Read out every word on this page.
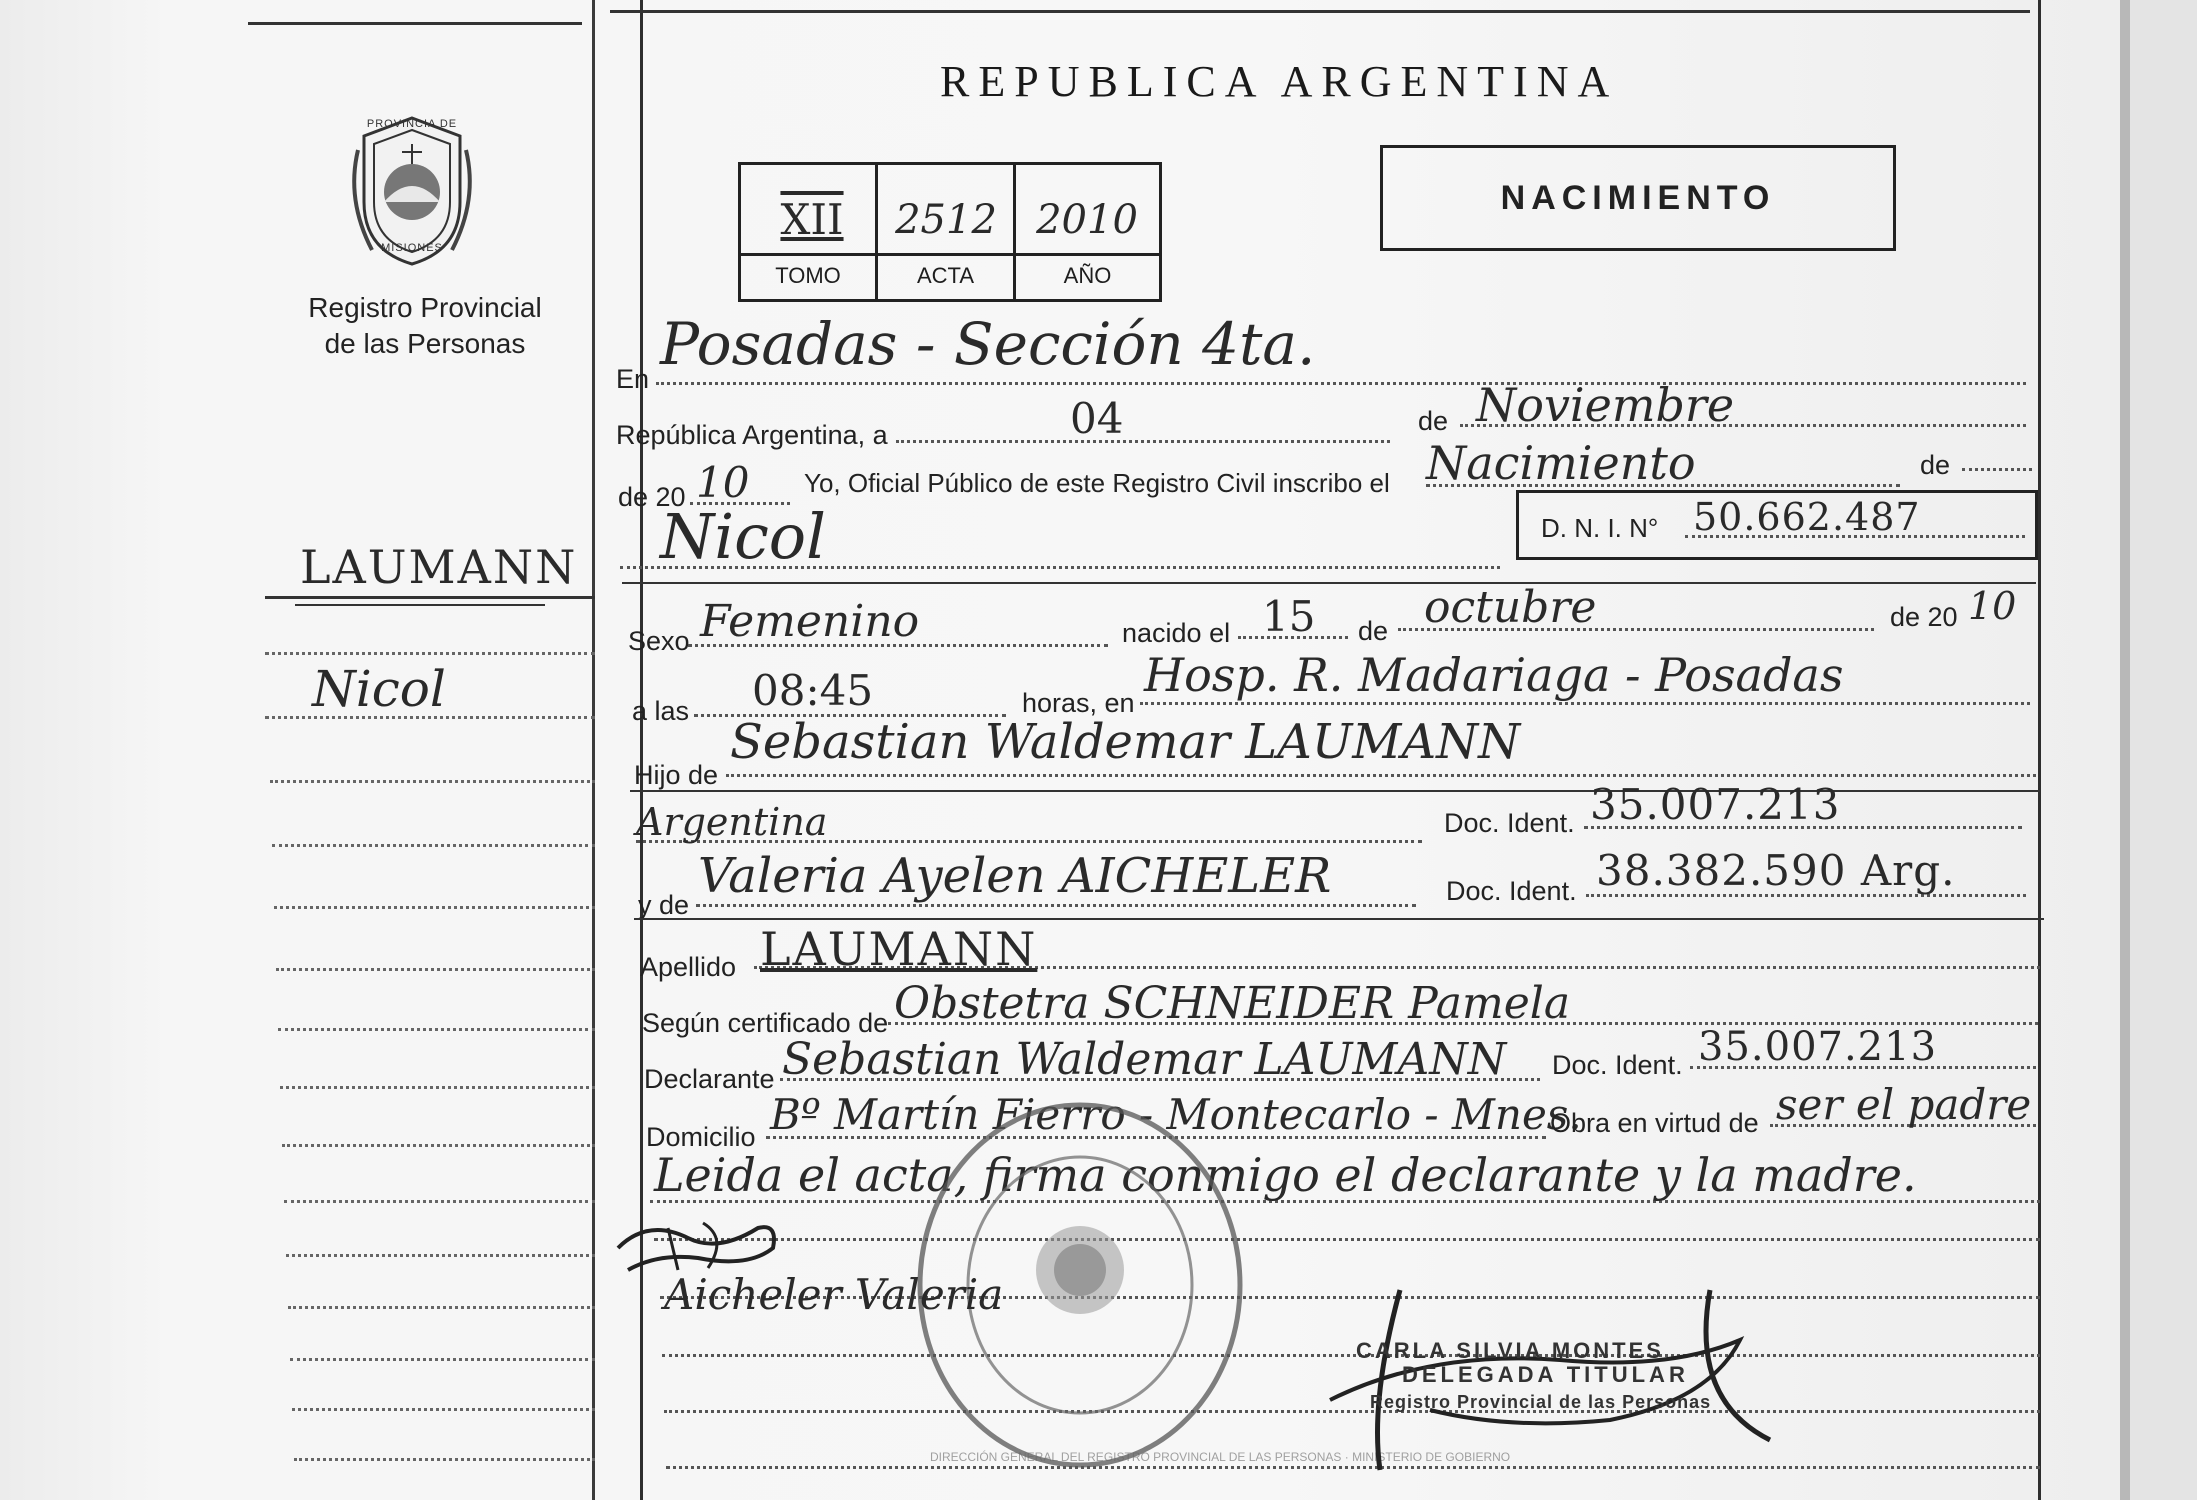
PROVINCIA DE
MISIONES
Registro Provincial
de las Personas
LAUMANN
Nicol
REPUBLICA ARGENTINA
XII	2512 2010
TOMO	ACTA	AÑO
NACIMIENTO
En
Posadas - Sección 4ta.
República Argentina, a	04	de Noviembre
de 20 10 Yo, Oficial Público de este Registro Civil inscribo el Nacimiento	de
Nicol	D. N. I. N° 50.662.487
Sexo Femenino	nacido el 15 de octubre	de 20 10
a las 08:45	horas, en
Hosp. R. Madariaga - Posadas
Hijo de
Sebastian Waldemar LAUMANN
Argentina	Doc. Ident. 35.007.213
y de
Valeria Ayelen AICHELER	Doc. Ident. 38.382.590 Arg.
Apellido LAUMANN
Según certificado de Obstetra SCHNEIDER Pamela
Declarante Sebastian Waldemar LAUMANN Doc. Ident. 35.007.213
Domicilio Bº Martín Fierro - Montecarlo - Mnes.
Obra en virtud de ser el padre
Leida el acta, firma conmigo el declarante y la madre.
DIRECCIÓN GENERAL DEL REGISTRO PROVINCIAL DE LAS PERSONAS · MINISTERIO DE GOBIERNO
Aicheler Valeria
CARLA SILVIA MONTES
DELEGADA TITULAR
Registro Provincial de las Personas
